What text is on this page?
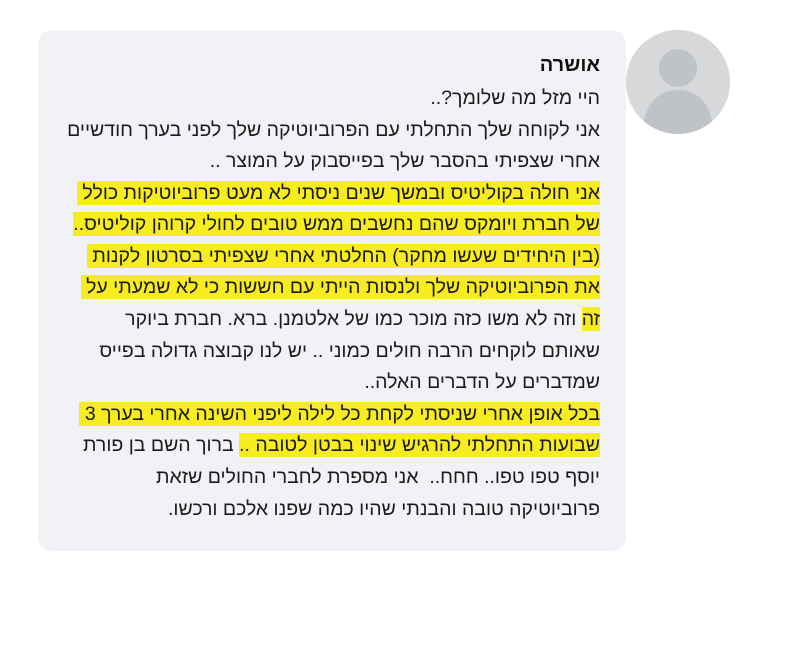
אושרה
היי מזל מה שלומך?..
אני לקוחה שלך התחלתי עם הפרוביוטיקה שלך לפני בערך חודשיים אחרי שצפיתי בהסבר שלך בפייסבוק על המוצר ..
אני חולה בקוליטיס ובמשך שנים ניסתי לא מעט פרוביוטיקות כולל של חברת ויומקס שהם נחשבים ממש טובים לחולי קרוהן קוליטיס..(בין היחידים שעשו מחקר) החלטתי אחרי שצפיתי בסרטון לקנות את הפרוביוטיקה שלך ולנסות הייתי עם חששות כי לא שמעתי על זה וזה לא משו כזה מוכר כמו של אלטמנן. ברא. חברת ביוקר שאותם לוקחים הרבה חולים כמוני .. יש לנו קבוצה גדולה בפייס שמדברים על הדברים האלה..
בכל אופן אחרי שניסתי לקחת כל לילה ליפני השינה אחרי בערך 3 שבועות התחלתי להרגיש שינוי בבטן לטובה .. ברוך השם בן פורת יוסף טפו טפו.. חחח..  אני מספרת לחברי החולים שזאת פרוביוטיקה טובה והבנתי שהיו כמה שפנו אלכם ורכשו.
